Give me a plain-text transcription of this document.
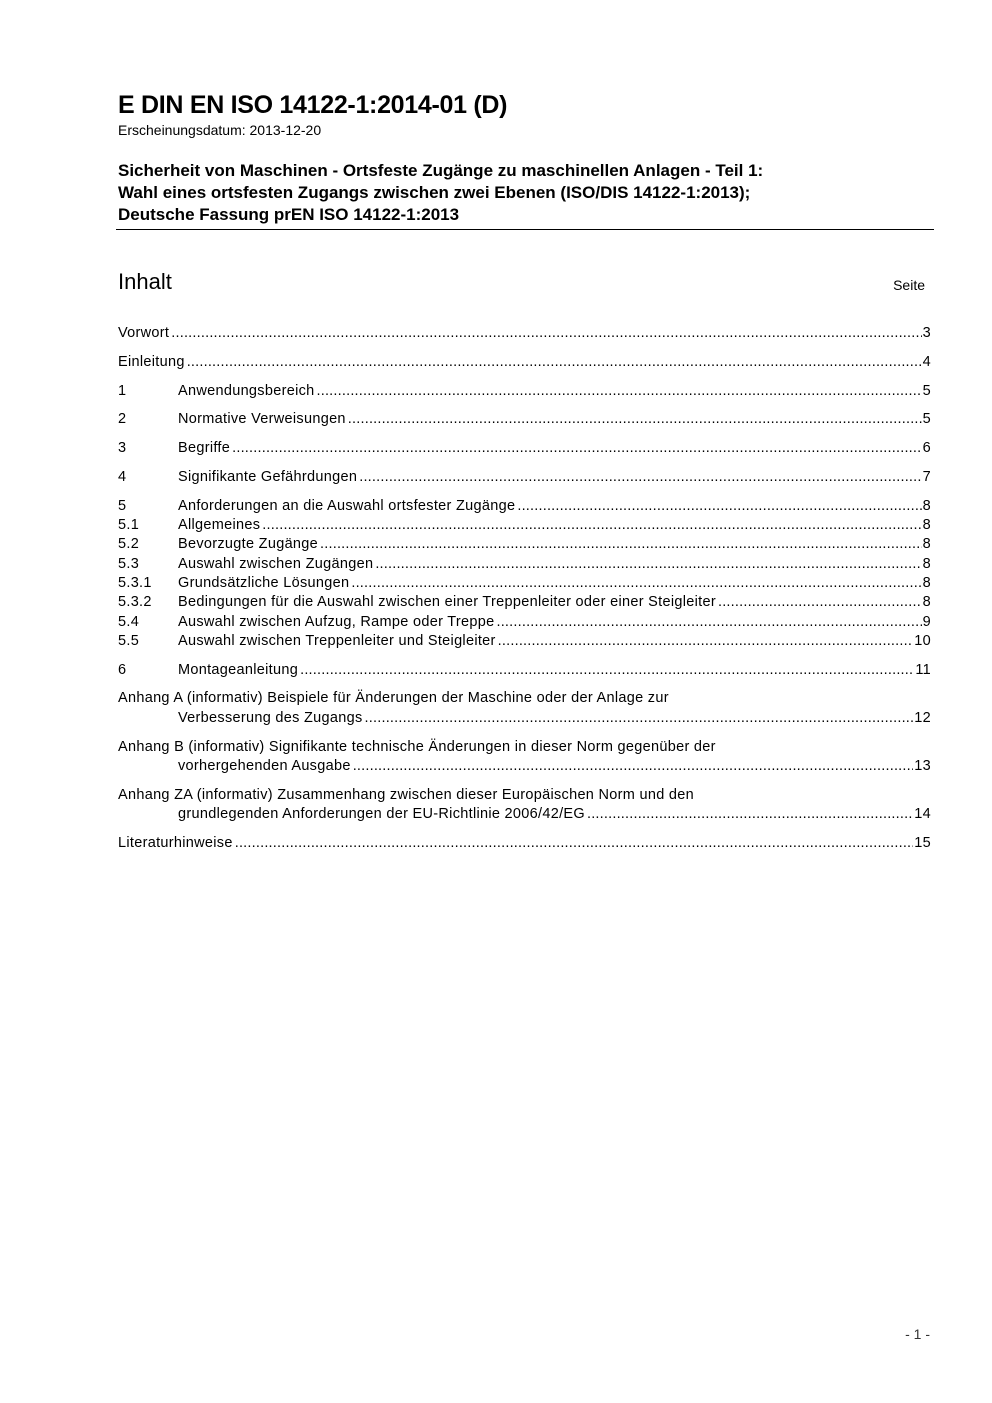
E DIN EN ISO 14122-1:2014-01 (D)
Erscheinungsdatum: 2013-12-20
Sicherheit von Maschinen - Ortsfeste Zugänge zu maschinellen Anlagen - Teil 1:
Wahl eines ortsfesten Zugangs zwischen zwei Ebenen (ISO/DIS 14122-1:2013);
Deutsche Fassung prEN ISO 14122-1:2013
Inhalt	Seite
Vorwort .....	3
Einleitung .....	4
1	Anwendungsbereich .....	5
2	Normative Verweisungen .....	5
3	Begriffe .....	6
4	Signifikante Gefährdungen .....	7
5	Anforderungen an die Auswahl ortsfester Zugänge .....	8
5.1	Allgemeines .....	8
5.2	Bevorzugte Zugänge .....	8
5.3	Auswahl zwischen Zugängen .....	8
5.3.1	Grundsätzliche Lösungen .....	8
5.3.2	Bedingungen für die Auswahl zwischen einer Treppenleiter oder einer Steigleiter .....	8
5.4	Auswahl zwischen Aufzug, Rampe oder Treppe .....	9
5.5	Auswahl zwischen Treppenleiter und Steigleiter .....	10
6	Montageanleitung .....	11
Anhang A (informativ) Beispiele für Änderungen der Maschine oder der Anlage zur
Verbesserung des Zugangs .....	12
Anhang B (informativ) Signifikante technische Änderungen in dieser Norm gegenüber der
vorhergehenden Ausgabe .....	13
Anhang ZA (informativ) Zusammenhang zwischen dieser Europäischen Norm und den
grundlegenden Anforderungen der EU-Richtlinie 2006/42/EG .....	14
Literaturhinweise .....	15
- 1 -
